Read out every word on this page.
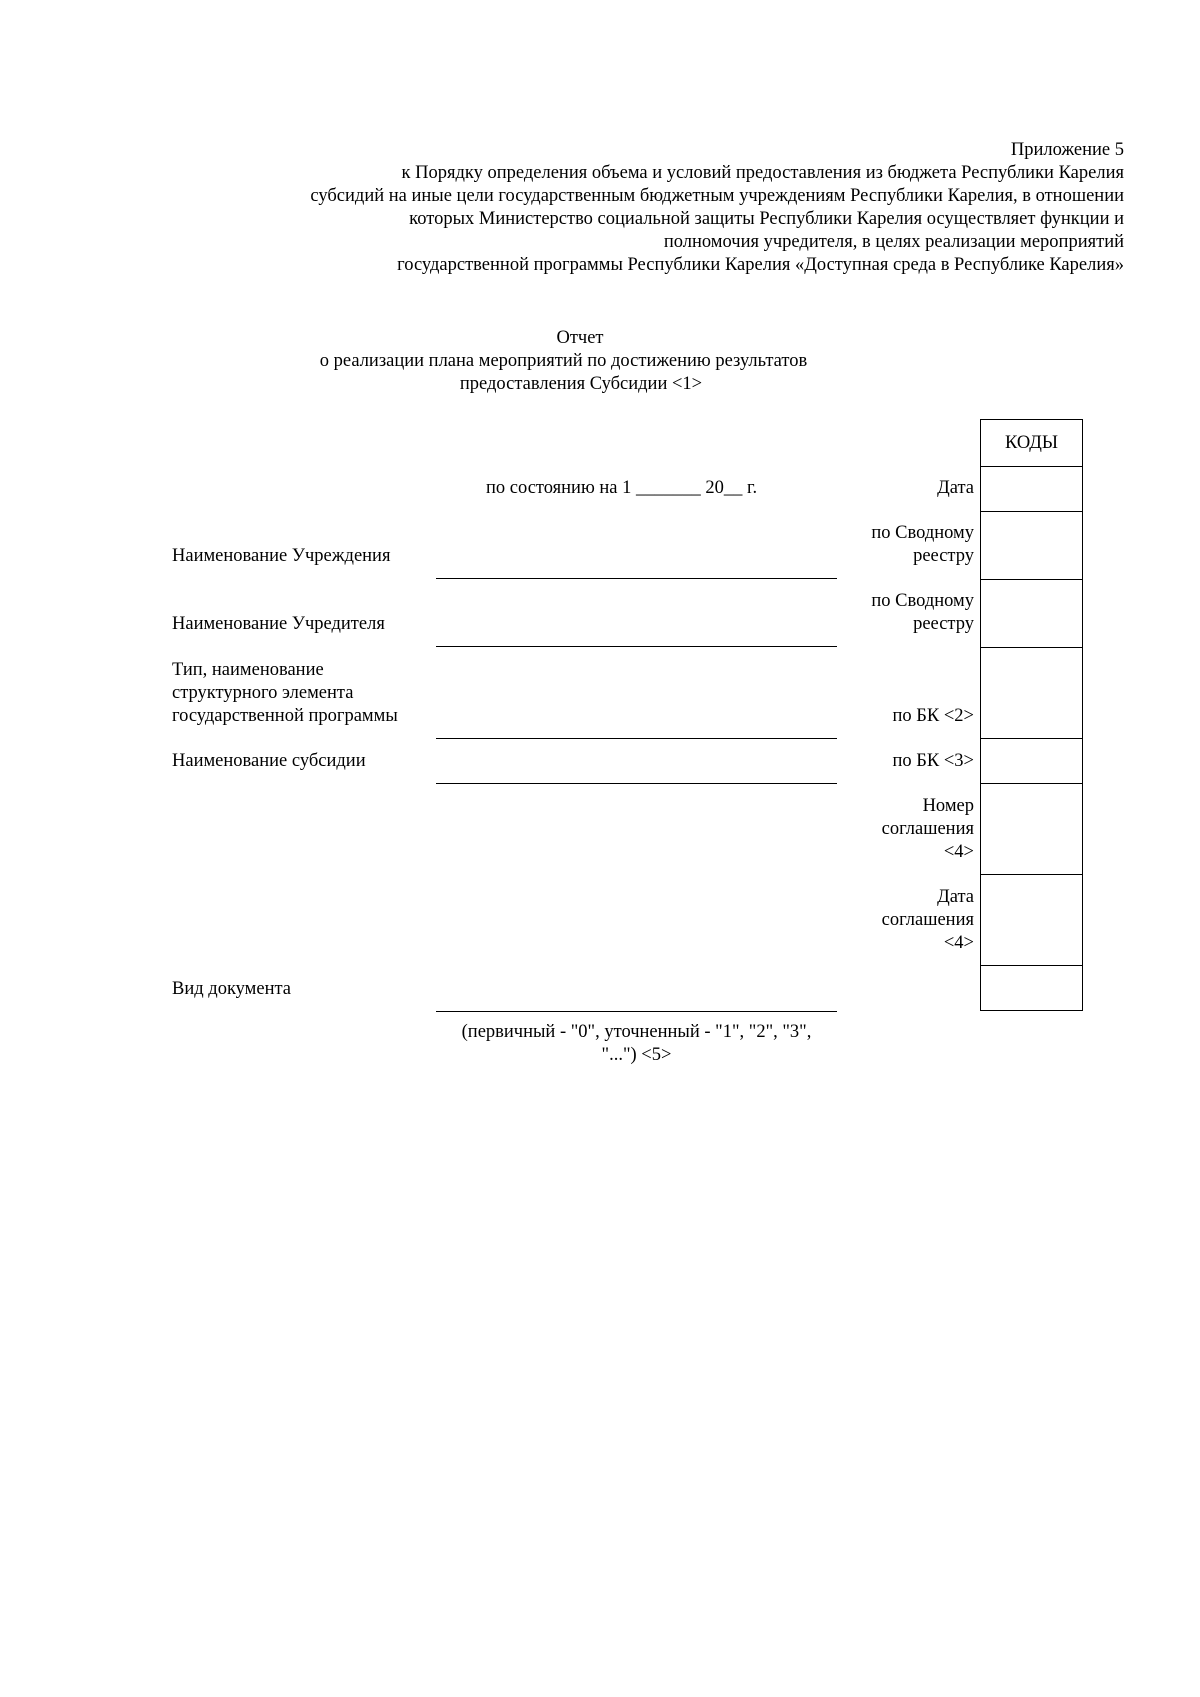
Приложение 5
к Порядку определения объема и условий предоставления из бюджета Республики Карелия
субсидий на иные цели государственным бюджетным учреждениям Республики Карелия, в отношении
которых Министерство социальной защиты Республики Карелия осуществляет функции и
полномочия учредителя, в целях реализации мероприятий
государственной программы Республики Карелия «Доступная среда в Республике Карелия»
Отчет
о реализации плана мероприятий по достижению результатов
предоставления Субсидии <1>
по состоянию на 1 _______ 20__ г.
КОДЫ
Дата
по Сводному
реестру
по Сводному
реестру
по БК <2>
по БК <3>
Номер
соглашения
<4>
Дата
соглашения
<4>
Наименование Учреждения
Наименование Учредителя
Тип, наименование
структурного элемента
государственной программы
Наименование субсидии
Вид документа
(первичный - "0", уточненный - "1", "2", "3",
"...") <5>
